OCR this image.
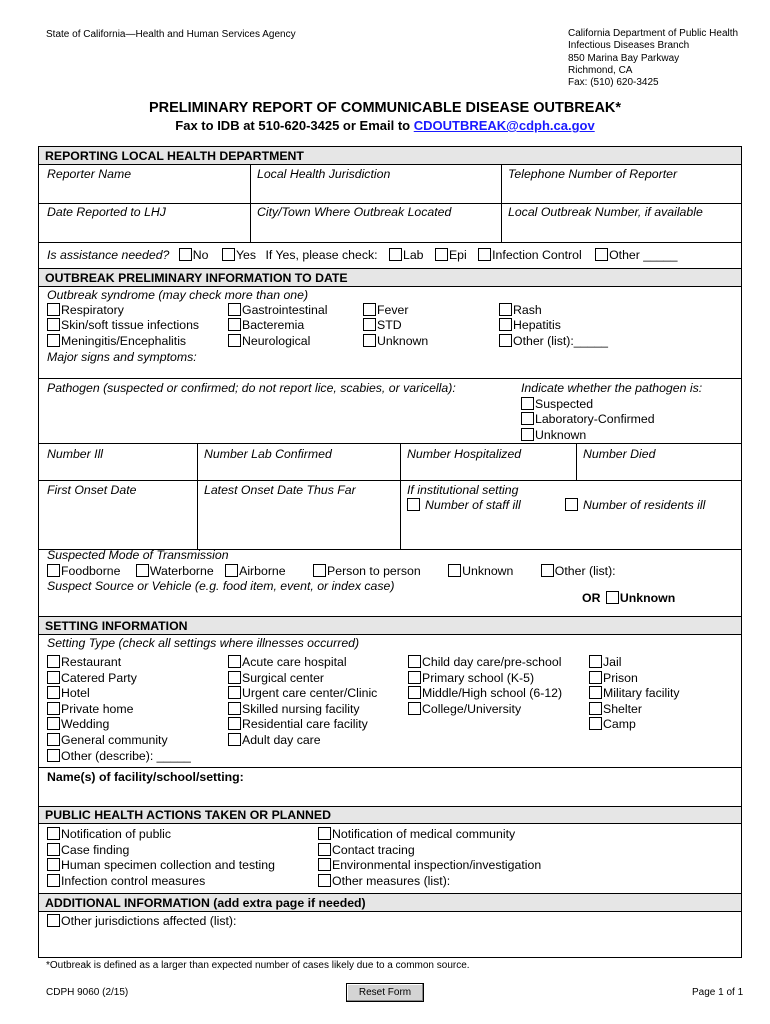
State of California—Health and Human Services Agency	California Department of Public Health
Infectious Diseases Branch
850 Marina Bay Parkway
Richmond, CA
Fax: (510) 620-3425
PRELIMINARY REPORT OF COMMUNICABLE DISEASE OUTBREAK*
Fax to IDB at 510-620-3425 or Email to CDOUTBREAK@cdph.ca.gov
REPORTING LOCAL HEALTH DEPARTMENT
Reporter Name	Local Health Jurisdiction	Telephone Number of Reporter
Date Reported to LHJ	City/Town Where Outbreak Located	Local Outbreak Number, if available
Is assistance needed? No Yes If Yes, please check: Lab Epi Infection Control Other _____
OUTBREAK PRELIMINARY INFORMATION TO DATE
Outbreak syndrome (may check more than one)
Respiratory
Skin/soft tissue infections
Meningitis/Encephalitis
Gastrointestinal
Bacteremia
Neurological
Fever
STD
Unknown
Rash
Hepatitis
Other (list):_____
Major signs and symptoms:
Pathogen (suspected or confirmed; do not report lice, scabies, or varicella):	Indicate whether the pathogen is:
Suspected
Laboratory-Confirmed
Unknown
Number Ill	Number Lab Confirmed	Number Hospitalized	Number Died
First Onset Date	Latest Onset Date Thus Far	If institutional setting
Number of staff ill	Number of residents ill
Suspected Mode of Transmission
Foodborne Waterborne Airborne	Person to person	Unknown	Other (list):
Suspect Source or Vehicle (e.g. food item, event, or index case)
OR Unknown
SETTING INFORMATION
Setting Type (check all settings where illnesses occurred)
Restaurant
Catered Party
Hotel
Private home
Wedding
General community
Other (describe): _____
Acute care hospital
Surgical center
Urgent care center/Clinic
Skilled nursing facility
Residential care facility
Adult day care
Child day care/pre-school
Primary school (K-5)
Middle/High school (6-12)
College/University
Jail
Prison
Military facility
Shelter
Camp
Name(s) of facility/school/setting:
PUBLIC HEALTH ACTIONS TAKEN OR PLANNED
Notification of public
Case finding
Human specimen collection and testing
Infection control measures
Notification of medical community
Contact tracing
Environmental inspection/investigation
Other measures (list):
ADDITIONAL INFORMATION (add extra page if needed)
Other jurisdictions affected (list):
*Outbreak is defined as a larger than expected number of cases likely due to a common source.
CDPH 9060 (2/15)	Reset Form	Page 1 of 1
